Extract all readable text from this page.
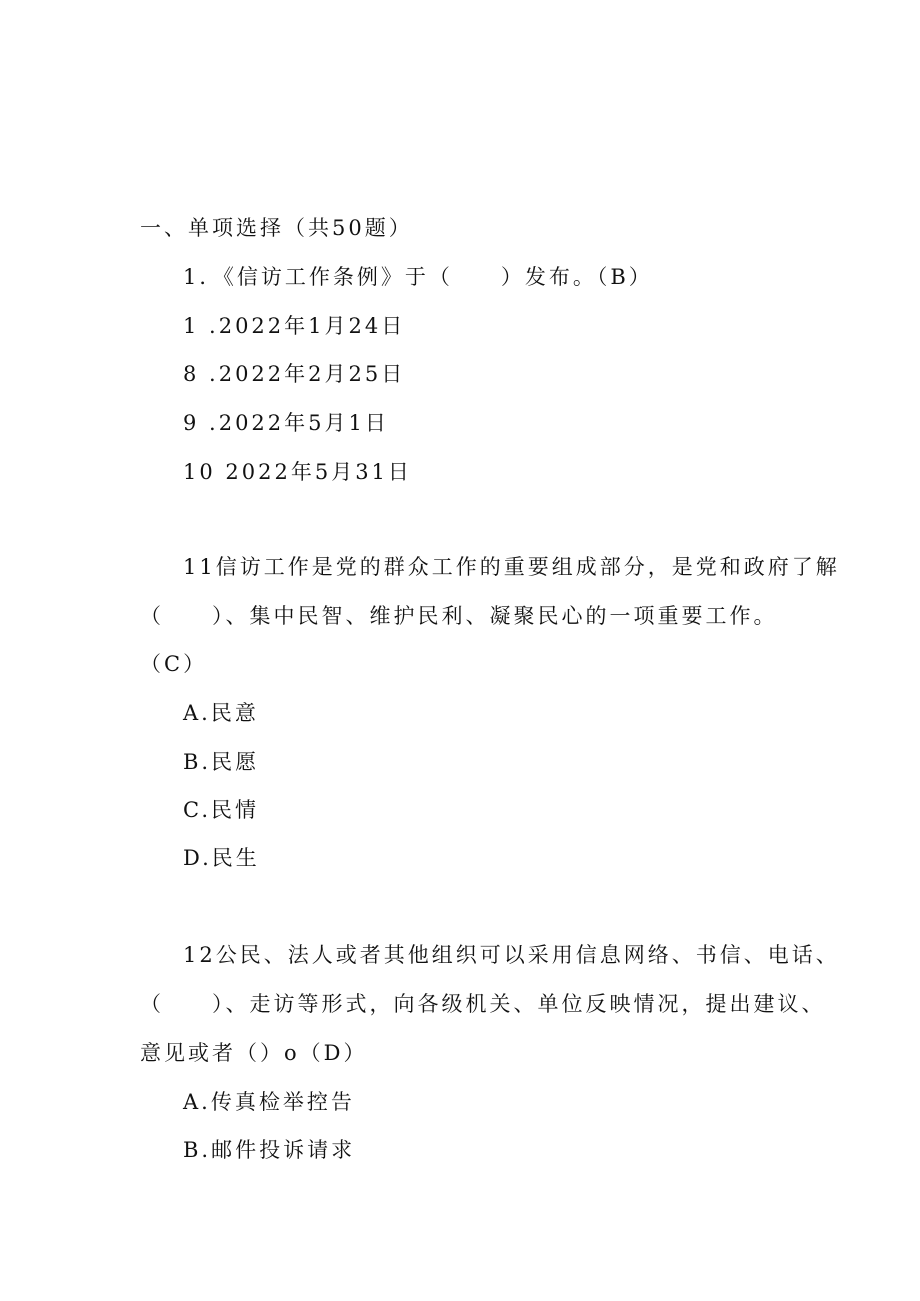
一、单项选择（共50题）
1．《信访工作条例》于（　　）发布。（B）
1 .2022年1月24日
8 .2022年2月25日
9 .2022年5月1日
10 2022年5月31日
11信访工作是党的群众工作的重要组成部分，是党和政府了解
（　　）、集中民智、维护民利、凝聚民心的一项重要工作。
（C）
A.民意
B.民愿
C.民情
D.民生
12公民、法人或者其他组织可以采用信息网络、书信、电话、
（　　）、走访等形式，向各级机关、单位反映情况，提出建议、
意见或者（）o（D）
A.传真检举控告
B.邮件投诉请求
